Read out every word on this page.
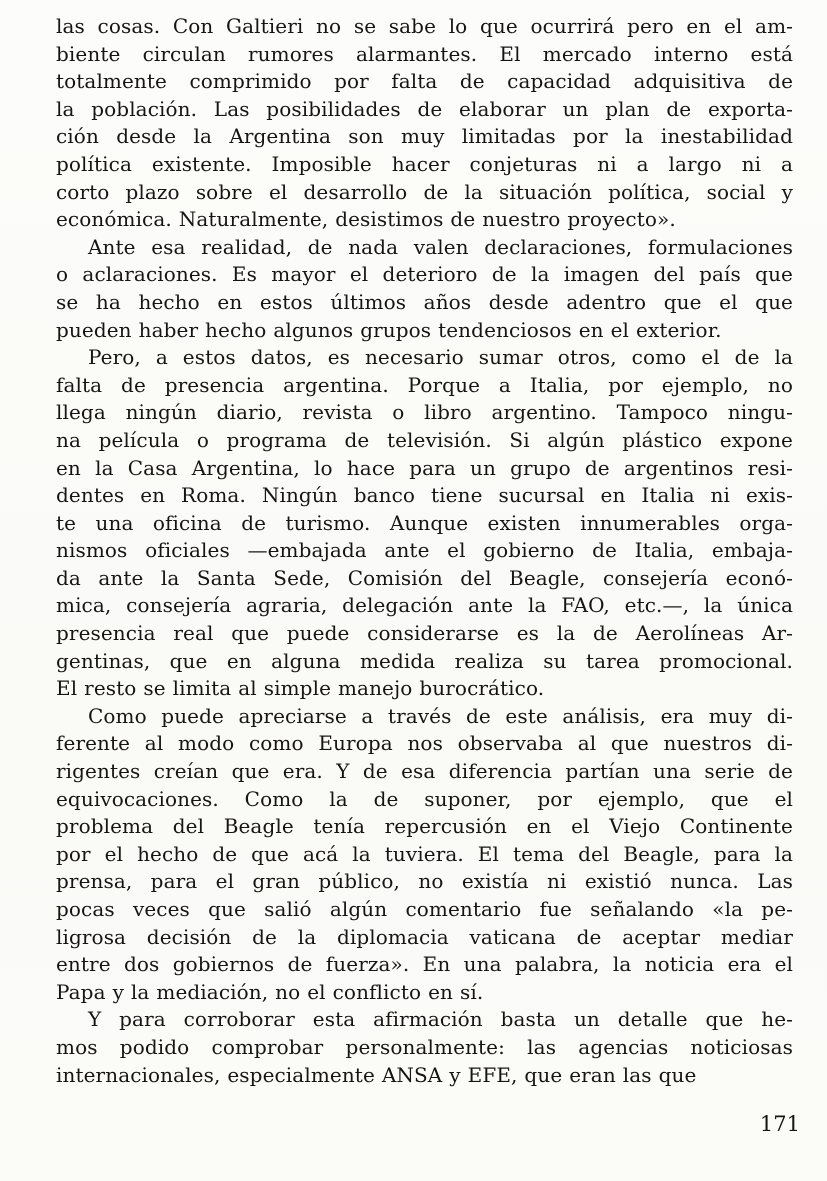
las cosas. Con Galtieri no se sabe lo que ocurrirá pero en el am-
biente circulan rumores alarmantes. El mercado interno está
totalmente comprimido por falta de capacidad adquisitiva de
la población. Las posibilidades de elaborar un plan de exporta-
ción desde la Argentina son muy limitadas por la inestabilidad
política existente. Imposible hacer conjeturas ni a largo ni a
corto plazo sobre el desarrollo de la situación política, social y
económica. Naturalmente, desistimos de nuestro proyecto».

Ante esa realidad, de nada valen declaraciones, formulaciones
o aclaraciones. Es mayor el deterioro de la imagen del país que
se ha hecho en estos últimos años desde adentro que el que
pueden haber hecho algunos grupos tendenciosos en el exterior.

Pero, a estos datos, es necesario sumar otros, como el de la
falta de presencia argentina. Porque a Italia, por ejemplo, no
llega ningún diario, revista o libro argentino. Tampoco ningu-
na película o programa de televisión. Si algún plástico expone
en la Casa Argentina, lo hace para un grupo de argentinos resi-
dentes en Roma. Ningún banco tiene sucursal en Italia ni exis-
te una oficina de turismo. Aunque existen innumerables orga-
nismos oficiales —embajada ante el gobierno de Italia, embaja-
da ante la Santa Sede, Comisión del Beagle, consejería econó-
mica, consejería agraria, delegación ante la FAO, etc.—, la única
presencia real que puede considerarse es la de Aerolíneas Ar-
gentinas, que en alguna medida realiza su tarea promocional.
El resto se limita al simple manejo burocrático.

Como puede apreciarse a través de este análisis, era muy di-
ferente al modo como Europa nos observaba al que nuestros di-
rigentes creían que era. Y de esa diferencia partían una serie de
equivocaciones. Como la de suponer, por ejemplo, que el
problema del Beagle tenía repercusión en el Viejo Continente
por el hecho de que acá la tuviera. El tema del Beagle, para la
prensa, para el gran público, no existía ni existió nunca. Las
pocas veces que salió algún comentario fue señalando «la pe-
ligrosa decisión de la diplomacia vaticana de aceptar mediar
entre dos gobiernos de fuerza». En una palabra, la noticia era el
Papa y la mediación, no el conflicto en sí.

Y para corroborar esta afirmación basta un detalle que he-
mos podido comprobar personalmente: las agencias noticiosas
internacionales, especialmente ANSA y EFE, que eran las que

171
